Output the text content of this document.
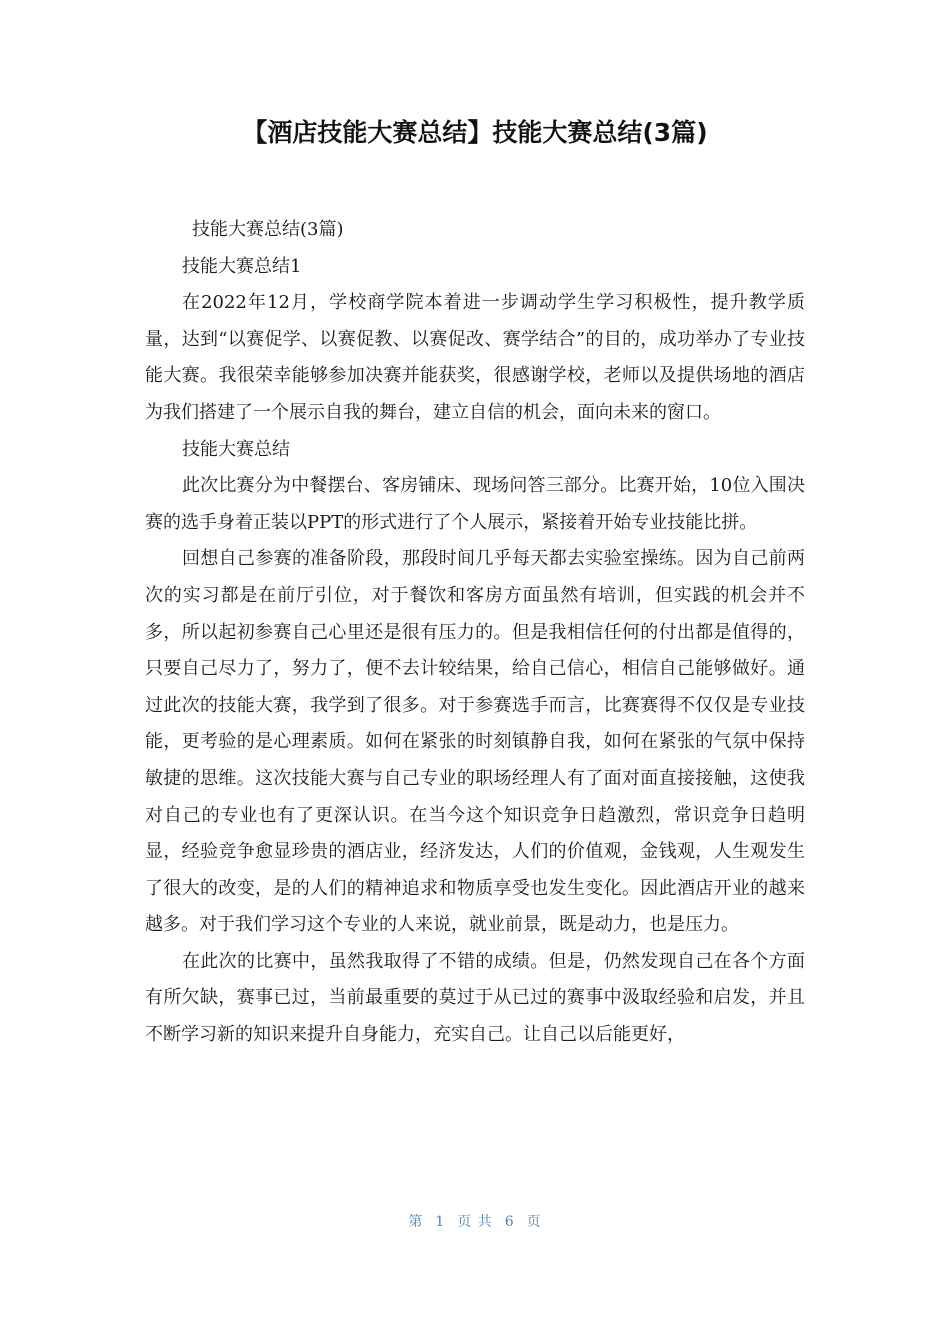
【酒店技能大赛总结】技能大赛总结(3篇)

技能大赛总结(3篇)

技能大赛总结1

在2022年12月，学校商学院本着进一步调动学生学习积极性，提升教学质量，达到“以赛促学、以赛促教、以赛促改、赛学结合”的目的，成功举办了专业技能大赛。我很荣幸能够参加决赛并能获奖，很感谢学校，老师以及提供场地的酒店为我们搭建了一个展示自我的舞台，建立自信的机会，面向未来的窗口。

技能大赛总结

此次比赛分为中餐摆台、客房铺床、现场问答三部分。比赛开始，10位入围决赛的选手身着正装以PPT的形式进行了个人展示，紧接着开始专业技能比拼。

回想自己参赛的准备阶段，那段时间几乎每天都去实验室操练。因为自己前两次的实习都是在前厅引位，对于餐饮和客房方面虽然有培训，但实践的机会并不多，所以起初参赛自己心里还是很有压力的。但是我相信任何的付出都是值得的，只要自己尽力了，努力了，便不去计较结果，给自己信心，相信自己能够做好。通过此次的技能大赛，我学到了很多。对于参赛选手而言，比赛赛得不仅仅是专业技能，更考验的是心理素质。如何在紧张的时刻镇静自我，如何在紧张的气氛中保持敏捷的思维。这次技能大赛与自己专业的职场经理人有了面对面直接接触，这使我对自己的专业也有了更深认识。在当今这个知识竞争日趋激烈，常识竞争日趋明显，经验竞争愈显珍贵的酒店业，经济发达，人们的价值观，金钱观，人生观发生了很大的改变，是的人们的精神追求和物质享受也发生变化。因此酒店开业的越来越多。对于我们学习这个专业的人来说，就业前景，既是动力，也是压力。

在此次的比赛中，虽然我取得了不错的成绩。但是，仍然发现自己在各个方面有所欠缺，赛事已过，当前最重要的莫过于从已过的赛事中汲取经验和启发，并且不断学习新的知识来提升自身能力，充实自己。让自己以后能更好，

第 1 页 共 6 页
